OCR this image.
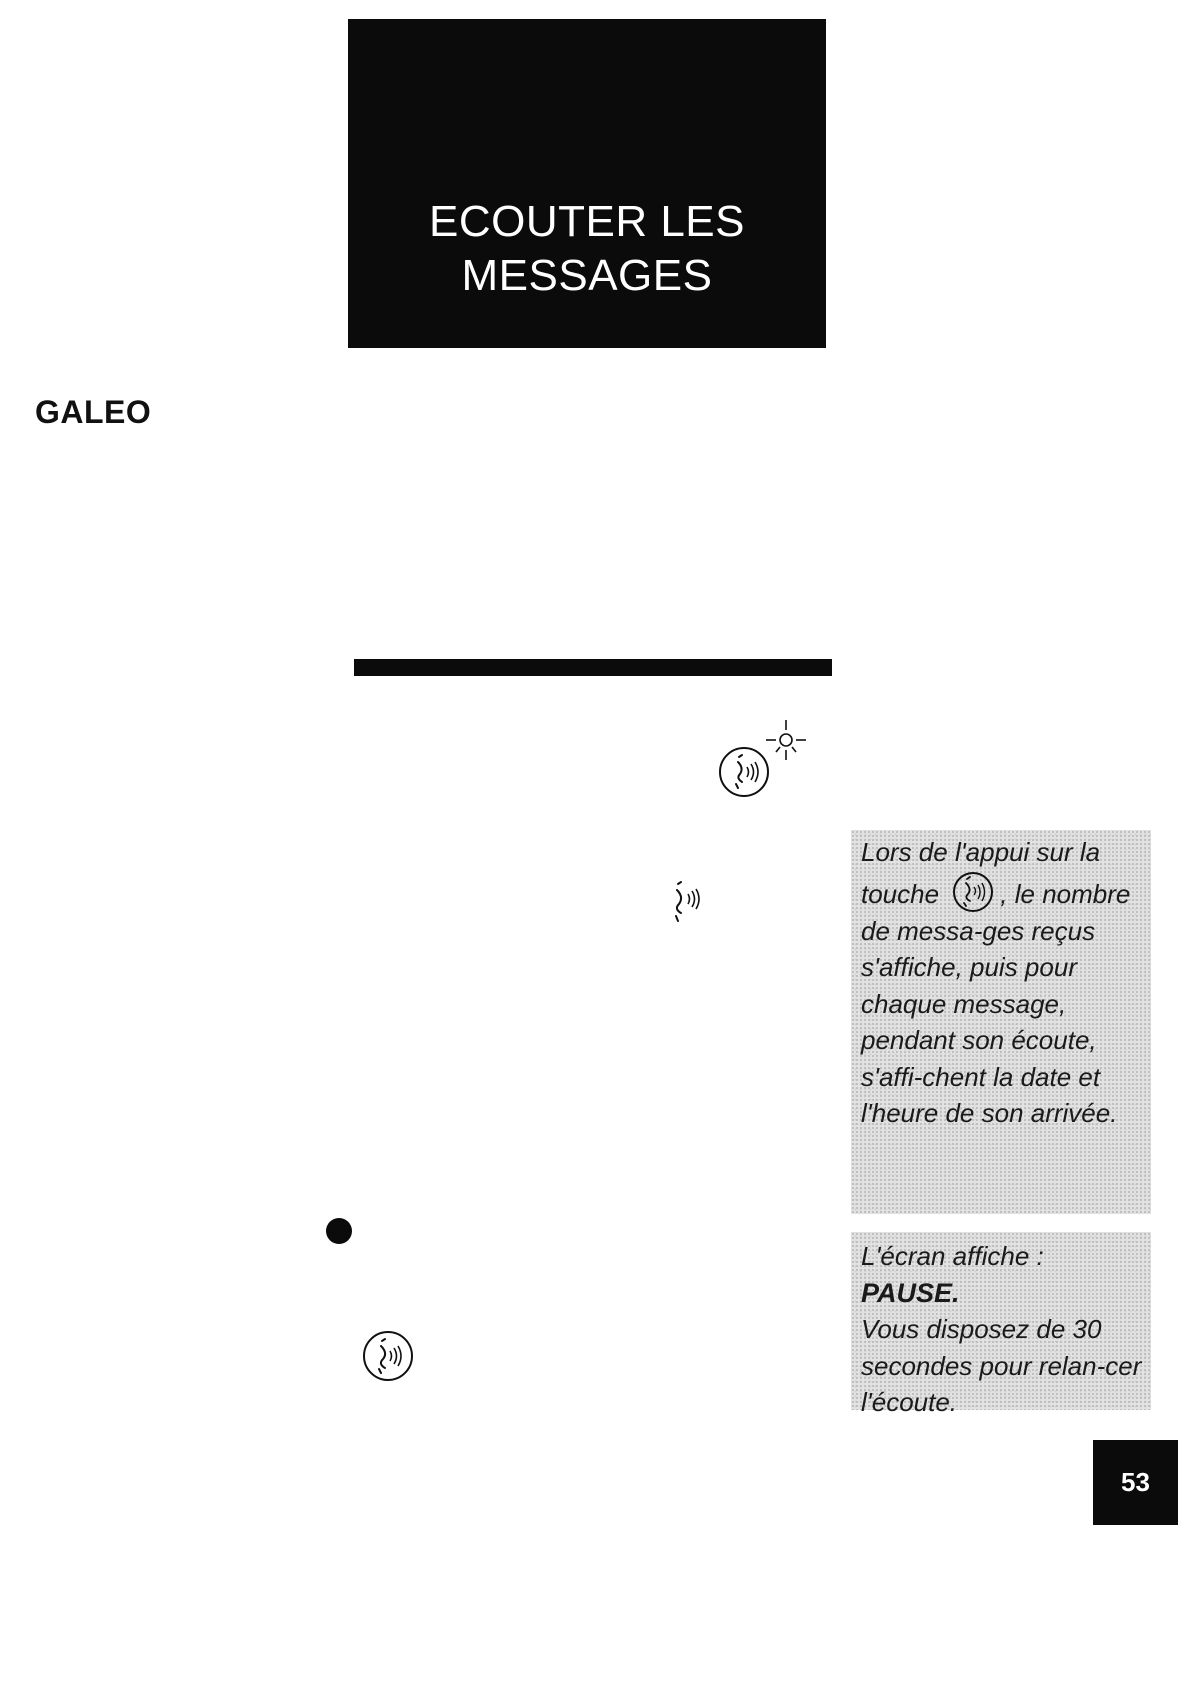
ECOUTER LES
MESSAGES
GALEO

Lors de l'appui sur la touche , le nombre de messa-ges reçus s'affiche, puis pour chaque message, pendant son écoute, s'affi-chent la date et l'heure de son arrivée.

L'écran affiche :

PAUSE.

Vous disposez de 30 secondes pour relan-cer l'écoute.

53
